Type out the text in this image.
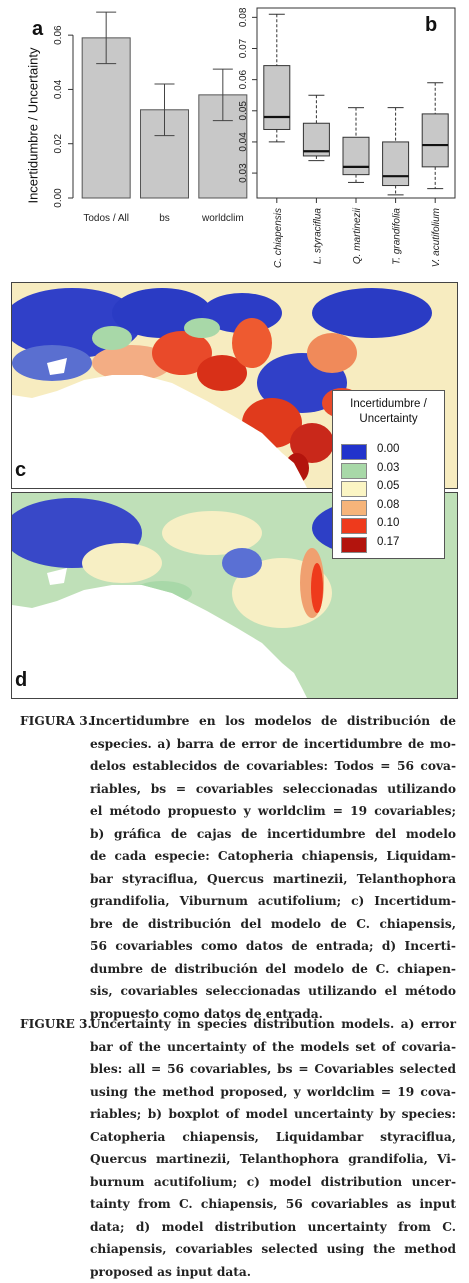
0.00
0.02
0.04
0.06
Todos / All	bs	worldclim
a
Incertidumbre / Uncertainty	0.03
0.04
0.05
0.06
0.07
0.08
C. chiapensis	L. styraciflua	Q. martinezii	T. grandifolia	V. acutifolium
b
c
d
Incertidumbre /
Uncertainty
0.00
0.03
0.05
0.08
0.10
0.17
FIGURA 3.
Incertidumbre en los modelos de distribución de
especies. a) barra de error de incertidumbre de mo-
delos establecidos de covariables: Todos = 56 cova-
riables, bs = covariables seleccionadas utilizando
el método propuesto y worldclim = 19 covariables;
b) gráfica de cajas de incertidumbre del modelo
de cada especie: Catopheria chiapensis, Liquidam-
bar styraciflua, Quercus martinezii, Telanthophora
grandifolia, Viburnum acutifolium; c) Incertidum-
bre de distribución del modelo de C. chiapensis,
56 covariables como datos de entrada; d) Incerti-
dumbre de distribución del modelo de C. chiapen-
sis, covariables seleccionadas utilizando el método
propuesto como datos de entrada.
FIGURE 3.
Uncertainty in species distribution models. a) error
bar of the uncertainty of the models set of covaria-
bles: all = 56 covariables, bs = Covariables selected
using the method proposed, y worldclim = 19 cova-
riables; b) boxplot of model uncertainty by species:
Catopheria chiapensis, Liquidambar styraciflua,
Quercus martinezii, Telanthophora grandifolia, Vi-
burnum acutifolium; c) model distribution uncer-
tainty from C. chiapensis, 56 covariables as input
data; d) model distribution uncertainty from C.
chiapensis, covariables selected using the method
proposed as input data.
